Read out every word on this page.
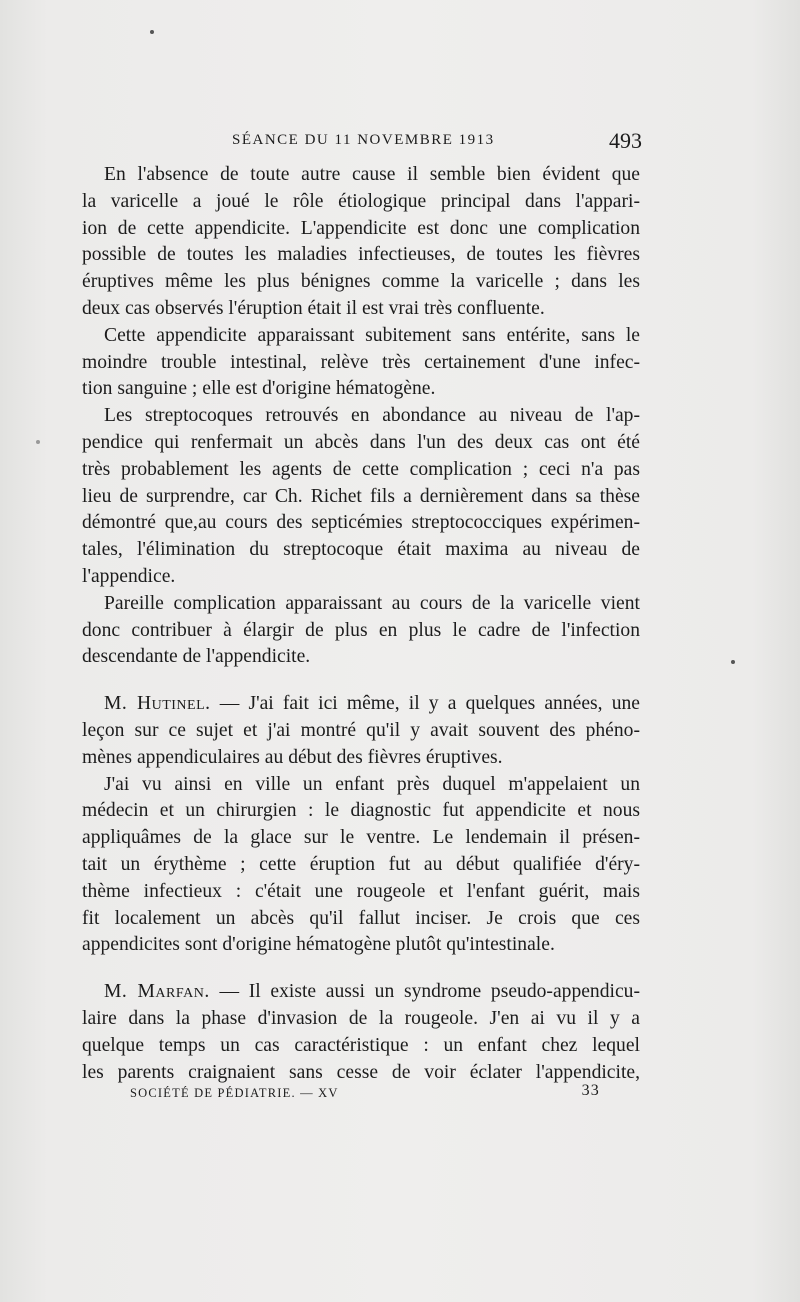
SÉANCE DU 11 NOVEMBRE 1913	493
En l'absence de toute autre cause il semble bien évident que
la varicelle a joué le rôle étiologique principal dans l'appari-
ion de cette appendicite. L'appendicite est donc une complication
possible de toutes les maladies infectieuses, de toutes les fièvres
éruptives même les plus bénignes comme la varicelle ; dans les
deux cas observés l'éruption était il est vrai très confluente.
Cette appendicite apparaissant subitement sans entérite, sans le
moindre trouble intestinal, relève très certainement d'une infec-
tion sanguine ; elle est d'origine hématogène.
Les streptocoques retrouvés en abondance au niveau de l'ap-
pendice qui renfermait un abcès dans l'un des deux cas ont été
très probablement les agents de cette complication ; ceci n'a pas
lieu de surprendre, car Ch. Richet fils a dernièrement dans sa thèse
démontré que,au cours des septicémies streptococciques expérimen-
tales, l'élimination du streptocoque était maxima au niveau de
l'appendice.
Pareille complication apparaissant au cours de la varicelle vient
donc contribuer à élargir de plus en plus le cadre de l'infection
descendante de l'appendicite.
M. Hutinel. — J'ai fait ici même, il y a quelques années, une
leçon sur ce sujet et j'ai montré qu'il y avait souvent des phéno-
mènes appendiculaires au début des fièvres éruptives.
J'ai vu ainsi en ville un enfant près duquel m'appelaient un
médecin et un chirurgien : le diagnostic fut appendicite et nous
appliquâmes de la glace sur le ventre. Le lendemain il présen-
tait un érythème ; cette éruption fut au début qualifiée d'éry-
thème infectieux : c'était une rougeole et l'enfant guérit, mais
fit localement un abcès qu'il fallut inciser. Je crois que ces
appendicites sont d'origine hématogène plutôt qu'intestinale.
M. Marfan. — Il existe aussi un syndrome pseudo-appendicu-
laire dans la phase d'invasion de la rougeole. J'en ai vu il y a
quelque temps un cas caractéristique : un enfant chez lequel
les parents craignaient sans cesse de voir éclater l'appendicite,
SOCIÉTÉ DE PÉDIATRIE. — XV	33
